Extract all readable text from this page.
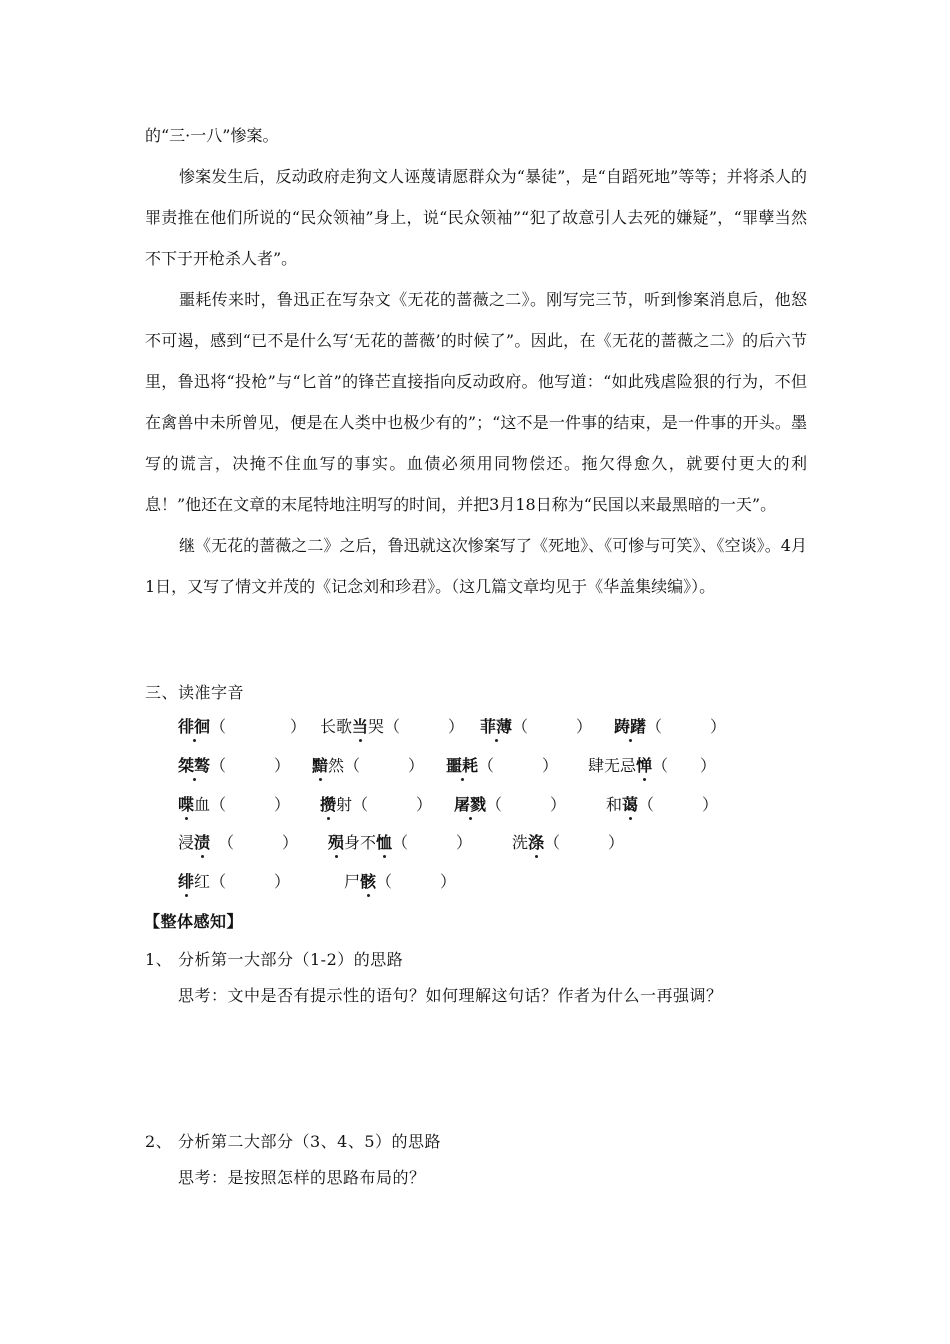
的“三·一八”惨案。

惨案发生后，反动政府走狗文人诬蔑请愿群众为“暴徒”，是“自蹈死地”等等；并将杀人的罪责推在他们所说的“民众领袖”身上，说“民众领袖”“犯了故意引人去死的嫌疑”，“罪孽当然不下于开枪杀人者”。

噩耗传来时，鲁迅正在写杂文《无花的蔷薇之二》。刚写完三节，听到惨案消息后，他怒不可遏，感到“已不是什么写‘无花的蔷薇’的时候了”。因此，在《无花的蔷薇之二》的后六节里，鲁迅将“投枪”与“匕首”的锋芒直接指向反动政府。他写道：“如此残虐险狠的行为，不但在禽兽中未所曾见，便是在人类中也极少有的”；“这不是一件事的结束，是一件事的开头。墨写的谎言，决掩不住血写的事实。血债必须用同物偿还。拖欠得愈久，就要付更大的利息！”他还在文章的末尾特地注明写的时间，并把3月18日称为“民国以来最黑暗的一天”。

继《无花的蔷薇之二》之后，鲁迅就这次惨案写了《死地》、《可惨与可笑》、《空谈》。4月1日，又写了情文并茂的《记念刘和珍君》。（这几篇文章均见于《华盖集续编》）。

三、读准字音
徘徊（　　　　） 长歌当哭（　　　） 菲薄（　　　） 踌躇（　　　）
桀骜（　　　） 黯然（　　　） 噩耗（　　　） 肆无忌惮（　　）
喋血（　　　） 攒射（　　　） 屠戮（　　　） 和蔼（　　　）
浸渍 （　　　） 殒身不恤（　　　） 洗涤（　　　）
绯红（　　　）	尸骸（　　　）
【整体感知】
1、 分析第一大部分（1-2）的思路
思考：文中是否有提示性的语句？如何理解这句话？作者为什么一再强调？
2、 分析第二大部分（3、4、5）的思路
思考：是按照怎样的思路布局的？
